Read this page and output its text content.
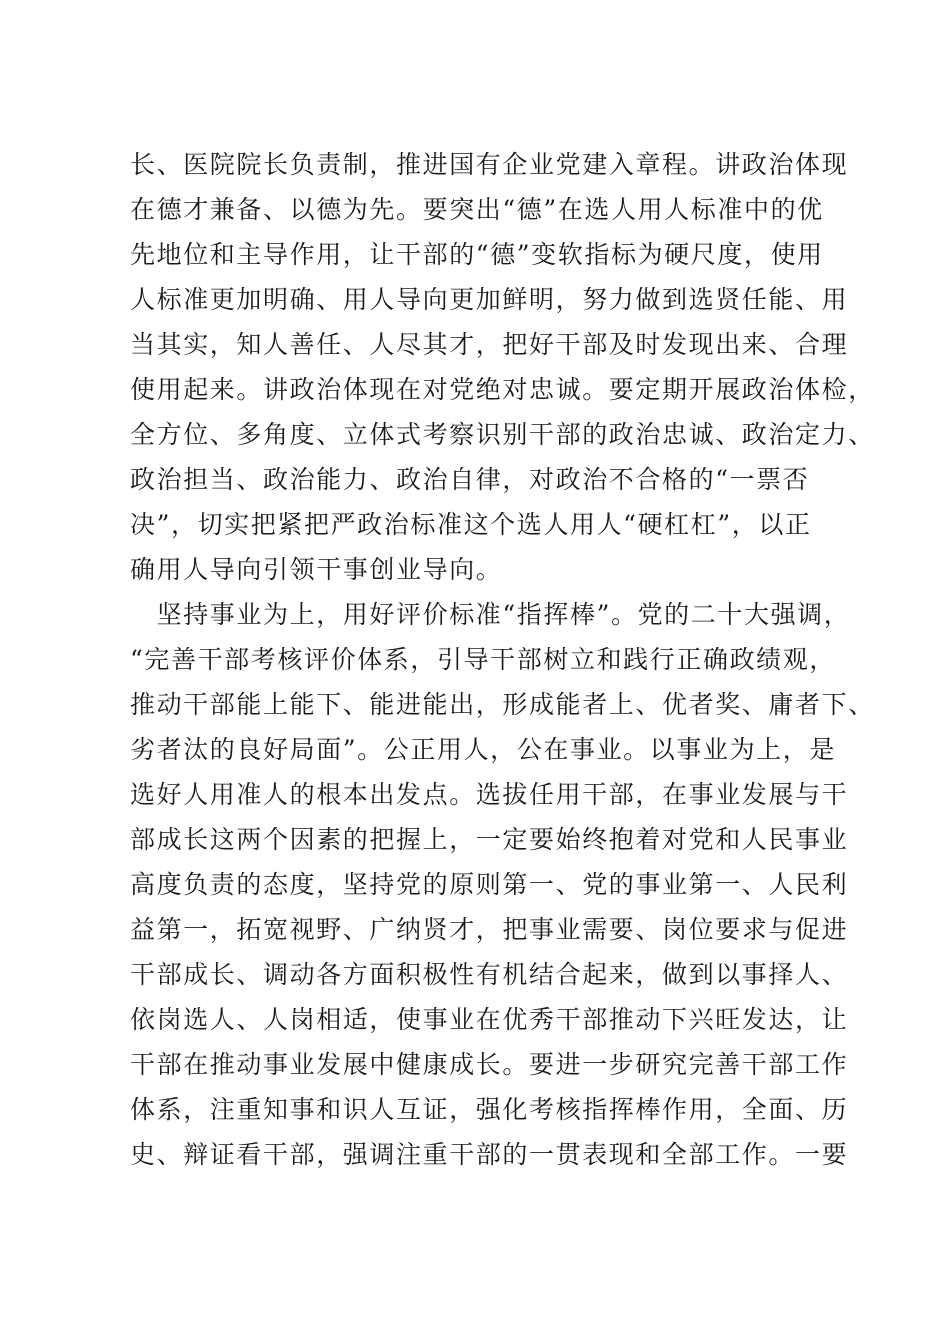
长、医院院长负责制，推进国有企业党建入章程。讲政治体现
在德才兼备、以德为先。要突出“德”在选人用人标准中的优
先地位和主导作用，让干部的“德”变软指标为硬尺度，使用
人标准更加明确、用人导向更加鲜明，努力做到选贤任能、用
当其实，知人善任、人尽其才，把好干部及时发现出来、合理
使用起来。讲政治体现在对党绝对忠诚。要定期开展政治体检，
全方位、多角度、立体式考察识别干部的政治忠诚、政治定力、
政治担当、政治能力、政治自律，对政治不合格的“一票否
决”，切实把紧把严政治标准这个选人用人“硬杠杠”，以正
确用人导向引领干事创业导向。
　坚持事业为上，用好评价标准“指挥棒”。党的二十大强调，
“完善干部考核评价体系，引导干部树立和践行正确政绩观，
推动干部能上能下、能进能出，形成能者上、优者奖、庸者下、
劣者汰的良好局面”。公正用人，公在事业。以事业为上，是
选好人用准人的根本出发点。选拔任用干部，在事业发展与干
部成长这两个因素的把握上，一定要始终抱着对党和人民事业
高度负责的态度，坚持党的原则第一、党的事业第一、人民利
益第一，拓宽视野、广纳贤才，把事业需要、岗位要求与促进
干部成长、调动各方面积极性有机结合起来，做到以事择人、
依岗选人、人岗相适，使事业在优秀干部推动下兴旺发达，让
干部在推动事业发展中健康成长。要进一步研究完善干部工作
体系，注重知事和识人互证，强化考核指挥棒作用，全面、历
史、辩证看干部，强调注重干部的一贯表现和全部工作。一要
